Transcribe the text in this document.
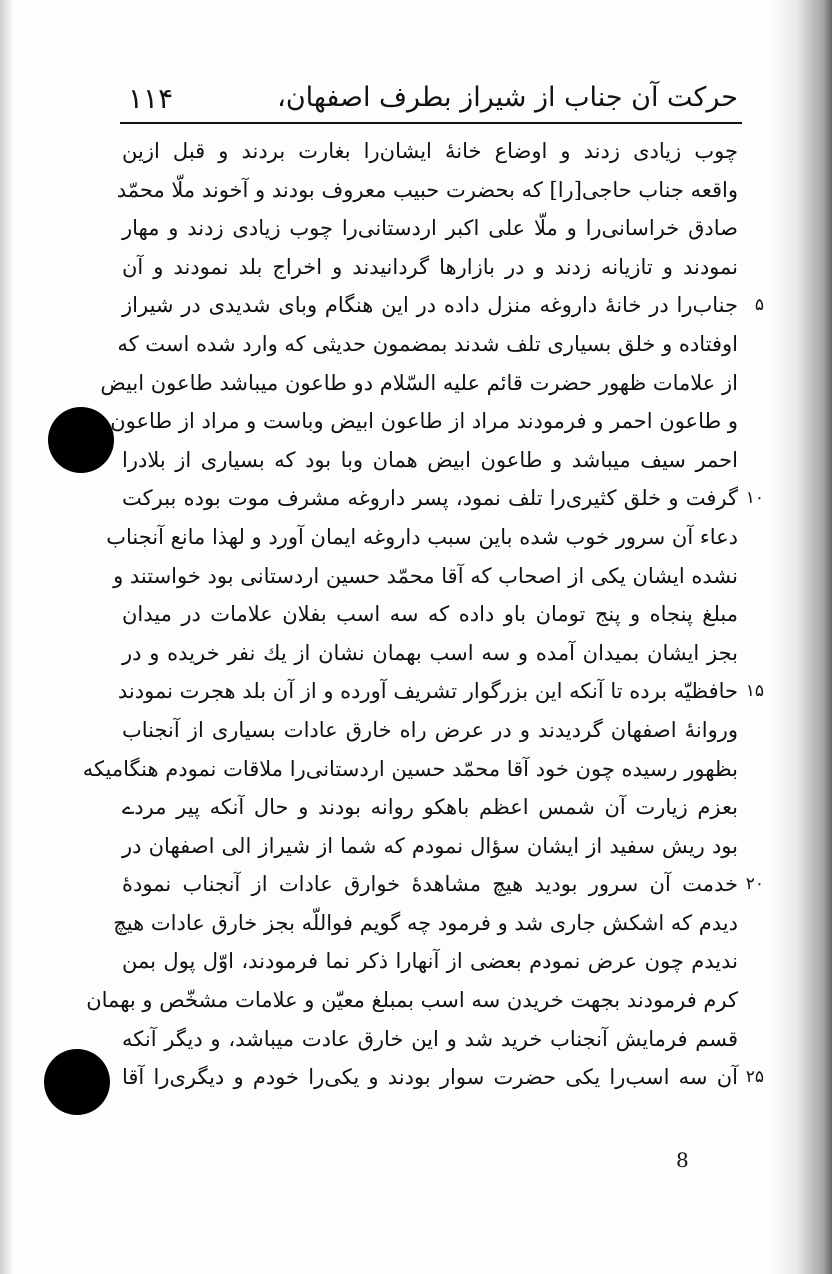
حرکت آن جناب از شیراز بطرف اصفهان،
۱۱۴
چوب زیادی زدند و اوضاع خانهٔ ایشان‌را بغارت بردند و قبل ازین
واقعه جناب حاجی[را] که بحضرت حبیب معروف بودند و آخوند ملّا محمّد
صادق خراسانی‌را و ملّا علی اکبر اردستانی‌را چوب زیادی زدند و مهار
نمودند و تازیانه زدند و در بازارها گردانیدند و اخراج بلد نمودند و آن
جناب‌را در خانهٔ داروغه منزل داده در این هنگام وبای شدیدی در شیراز ۵
اوفتاده و خلق بسیاری تلف شدند بمضمون حدیثی که وارد شده است که
از علامات ظهور حضرت قائم علیه السّلام دو طاعون میباشد طاعون ابیض
و طاعون احمر و فرمودند مراد از طاعون ابیض وباست و مراد از طاعون
احمر سیف میباشد و طاعون ابیض همان وبا بود که بسیاری از بلادرا
گرفت و خلق کثیری‌را تلف نمود، پسر داروغه مشرف موت بوده ببرکت ۱۰
دعاء آن سرور خوب شده باین سبب داروغه ایمان آورد و لهذا مانع آنجناب
نشده ایشان یکی از اصحاب که آقا محمّد حسین اردستانی بود خواستند و
مبلغ پنجاه و پنج تومان باو داده که سه اسب بفلان علامات در میدان
بجز ایشان بمیدان آمده و سه اسب بهمان نشان از یك نفر خریده و در
حافظیّه برده تا آنکه این بزرگوار تشریف آورده و از آن بلد هجرت نمودند ۱۵
وروانهٔ اصفهان گردیدند و در عرض راه خارق عادات بسیاری از آنجناب
بظهور رسیده چون خود آقا محمّد حسین اردستانی‌را ملاقات نمودم هنگامیکه
بعزم زیارت آن شمس اعظم باهکو روانه بودند و حال آنکه پیر مردے
بود ریش سفید از ایشان سؤال نمودم که شما از شیراز الی اصفهان در
خدمت آن سرور بودید هیچ مشاهدهٔ خوارق عادات از آنجناب نمودهٔ ۲۰
دیدم که اشکش جاری شد و فرمود چه گویم فواللّه بجز خارق عادات هیچ
ندیدم چون عرض نمودم بعضی از آنهارا ذکر نما فرمودند، اوّل پول بمن
کرم فرمودند بجهت خریدن سه اسب بمبلغ معیّن و علامات مشخّص و بهمان
قسم فرمایش آنجناب خرید شد و این خارق عادت میباشد، و دیگر آنکه
آن سه اسب‌را یکی حضرت سوار بودند و یکی‌را خودم و دیگری‌را آقا ۲۵
8
